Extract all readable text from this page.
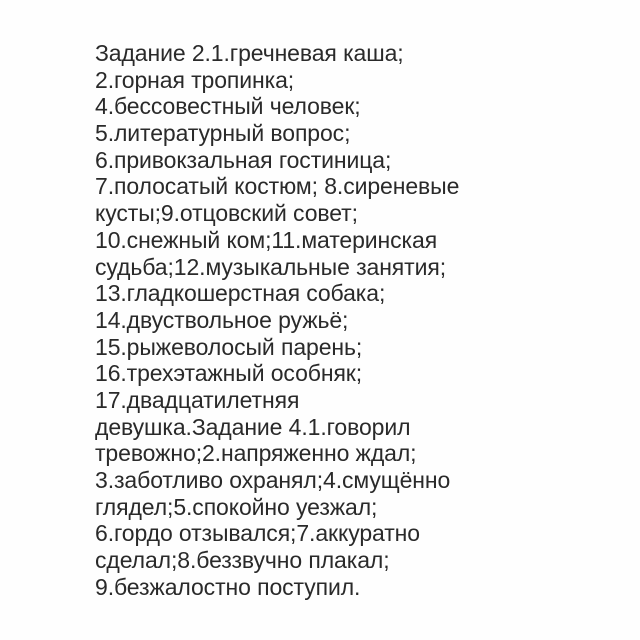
Задание 2.1.гречневая каша;
2.горная тропинка;
4.бессовестный человек;
5.литературный вопрос;
6.привокзальная гостиница;
7.полосатый костюм; 8.сиреневые
кусты;9.отцовский совет;
10.снежный ком;11.материнская
судьба;12.музыкальные занятия;
13.гладкошерстная собака;
14.двуствольное ружьё;
15.рыжеволосый парень;
16.трехэтажный особняк;
17.двадцатилетняя
девушка.Задание 4.1.говорил
тревожно;2.напряженно ждал;
3.заботливо охранял;4.смущённо
глядел;5.спокойно уезжал;
6.гордо отзывался;7.аккуратно
сделал;8.беззвучно плакал;
9.безжалостно поступил.
